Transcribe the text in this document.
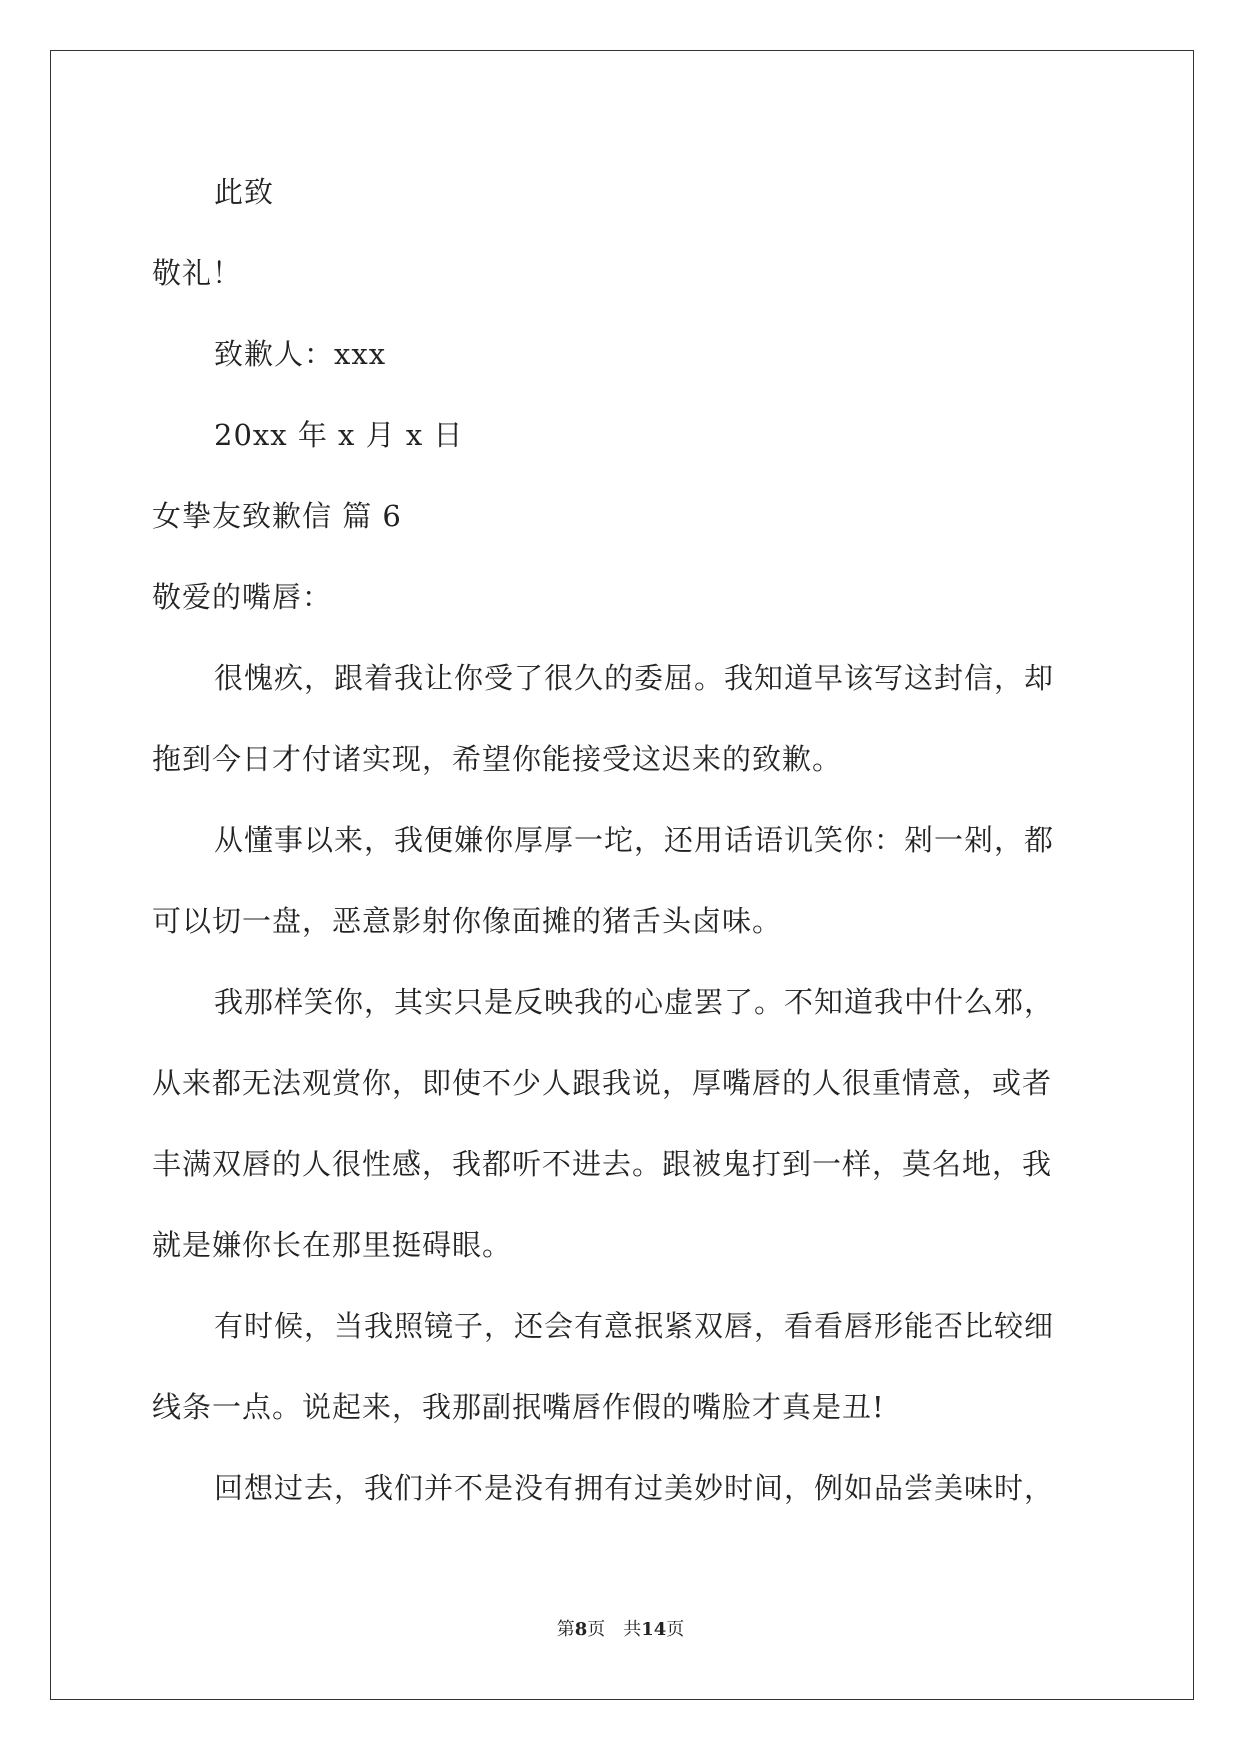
此致
敬礼！
致歉人：xxx
20xx 年 x 月 x 日
女挚友致歉信 篇 6
敬爱的嘴唇：
很愧疚，跟着我让你受了很久的委屈。我知道早该写这封信，却
拖到今日才付诸实现，希望你能接受这迟来的致歉。
从懂事以来，我便嫌你厚厚一坨，还用话语讥笑你：剁一剁，都
可以切一盘，恶意影射你像面摊的猪舌头卤味。
我那样笑你，其实只是反映我的心虚罢了。不知道我中什么邪，
从来都无法观赏你，即使不少人跟我说，厚嘴唇的人很重情意，或者
丰满双唇的人很性感，我都听不进去。跟被鬼打到一样，莫名地，我
就是嫌你长在那里挺碍眼。
有时候，当我照镜子，还会有意抿紧双唇，看看唇形能否比较细
线条一点。说起来，我那副抿嘴唇作假的嘴脸才真是丑!
回想过去，我们并不是没有拥有过美妙时间，例如品尝美味时，
第8页　共14页
